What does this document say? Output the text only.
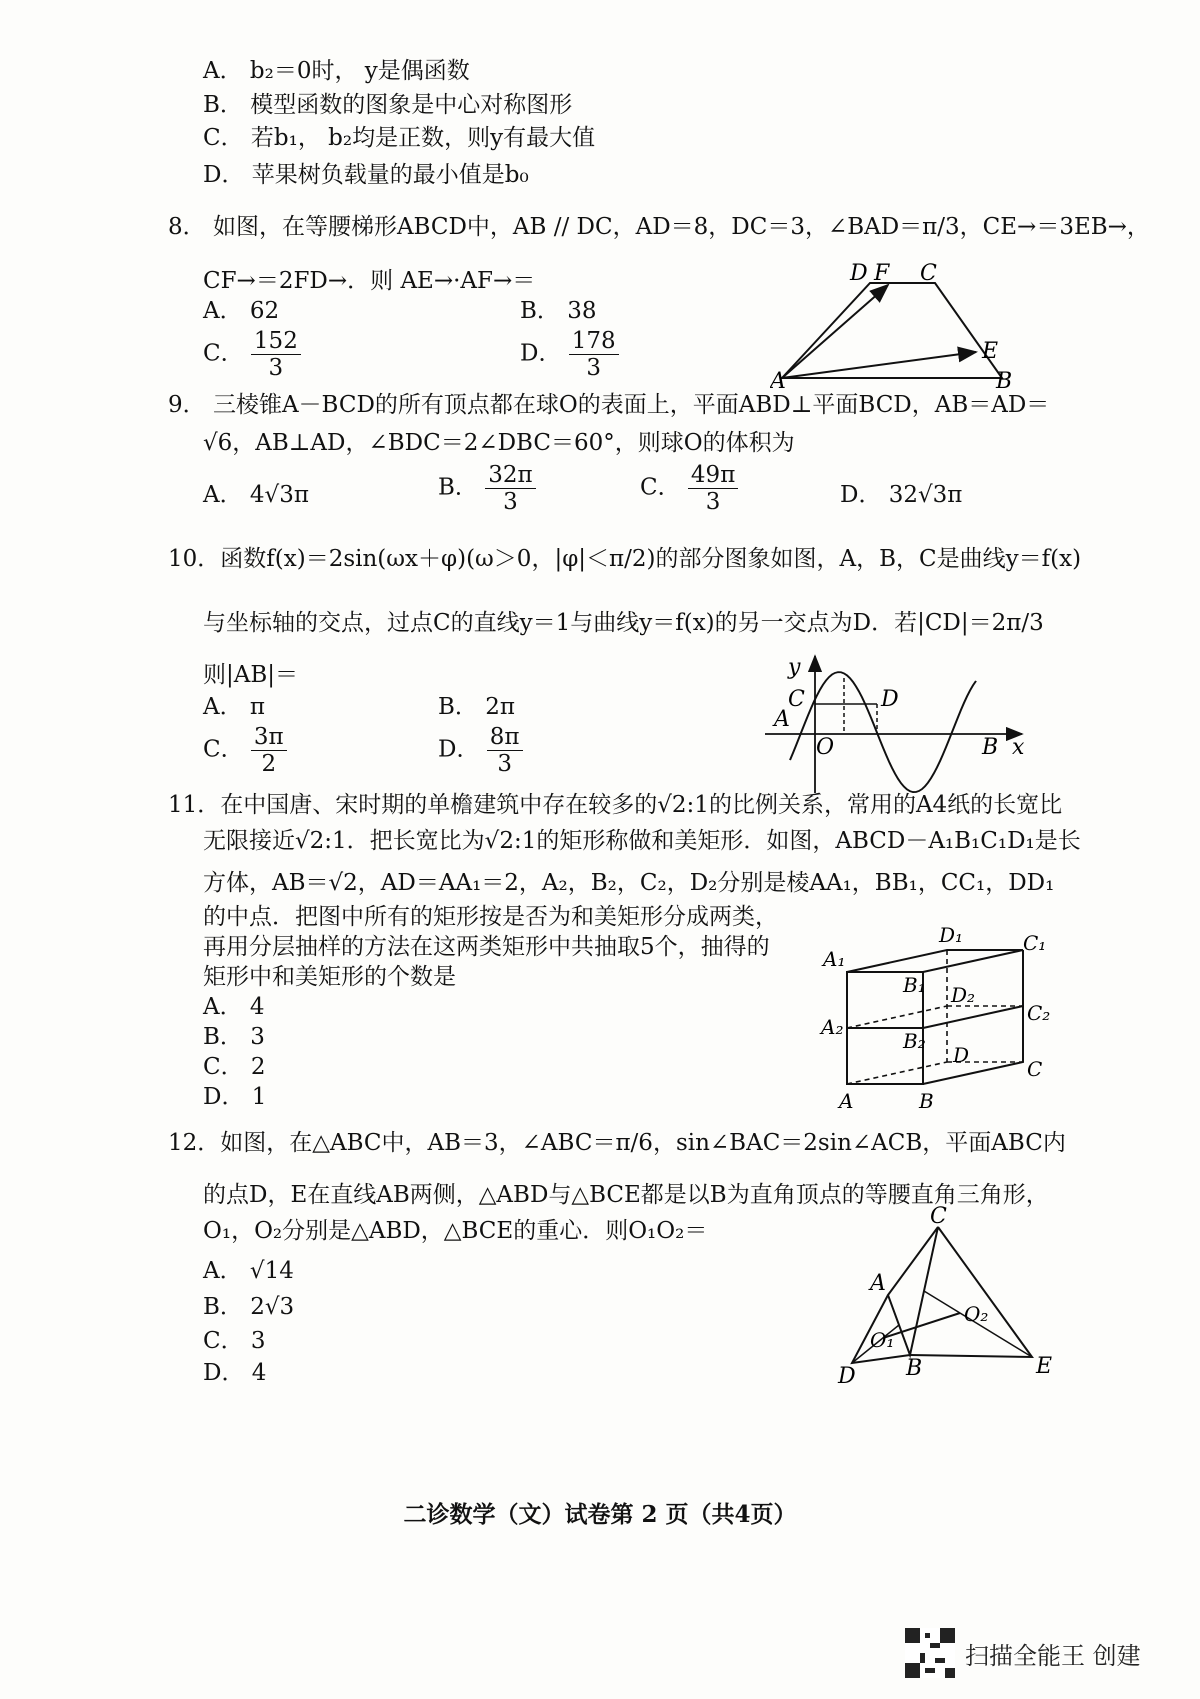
A． b₂＝0时， y是偶函数
B． 模型函数的图象是中心对称图形
C． 若b₁， b₂均是正数，则y有最大值
D． 苹果树负载量的最小值是b₀
8． 如图，在等腰梯形ABCD中，AB // DC，AD＝8，DC＝3，∠BAD＝π/3，CE→＝3EB→，
CF→＝2FD→．则 AE→·AF→＝
A． 62	B． 38
C． $\frac{152}{3}$	D． $\frac{178}{3}$
D F C
E
A	B
9． 三棱锥A－BCD的所有顶点都在球O的表面上，平面ABD⊥平面BCD，AB＝AD＝
√6，AB⊥AD，∠BDC＝2∠DBC＝60°，则球O的体积为
A． 4√3π	B． $\frac{32\pi}{3}$	C． $\frac{49\pi}{3}$	D． 32√3π
10．函数f(x)＝2sin(ωx＋φ)(ω＞0，|φ|＜π/2)的部分图象如图，A，B，C是曲线y＝f(x)
与坐标轴的交点，过点C的直线y＝1与曲线y＝f(x)的另一交点为D．若|CD|＝2π/3
则|AB|＝
A． π	B． 2π
C． $\frac{3\pi}{2}$	D． $\frac{8\pi}{3}$
y
C	D
A
O	B x
11．在中国唐、宋时期的单檐建筑中存在较多的√2:1的比例关系，常用的A4纸的长宽比
无限接近√2:1．把长宽比为√2:1的矩形称做和美矩形．如图，ABCD－A₁B₁C₁D₁是长
方体，AB＝√2，AD＝AA₁＝2，A₂，B₂，C₂，D₂分别是棱AA₁，BB₁，CC₁，DD₁
的中点．把图中所有的矩形按是否为和美矩形分成两类，
再用分层抽样的方法在这两类矩形中共抽取5个，抽得的
矩形中和美矩形的个数是
A． 4
B． 3
C． 2
D． 1
D₁	C₁
A₁
B₁ D₂
C₂
A₂
B₂
D
C
A	B
12．如图，在△ABC中，AB＝3，∠ABC＝π/6，sin∠BAC＝2sin∠ACB，平面ABC内
的点D，E在直线AB两侧，△ABD与△BCE都是以B为直角顶点的等腰直角三角形，
O₁，O₂分别是△ABD，△BCE的重心．则O₁O₂＝
A． √14
B． 2√3
C． 3
D． 4
C
A
O₂
O₁
B
D	E
二诊数学（文）试卷第 2 页（共4页）
扫描全能王 创建
